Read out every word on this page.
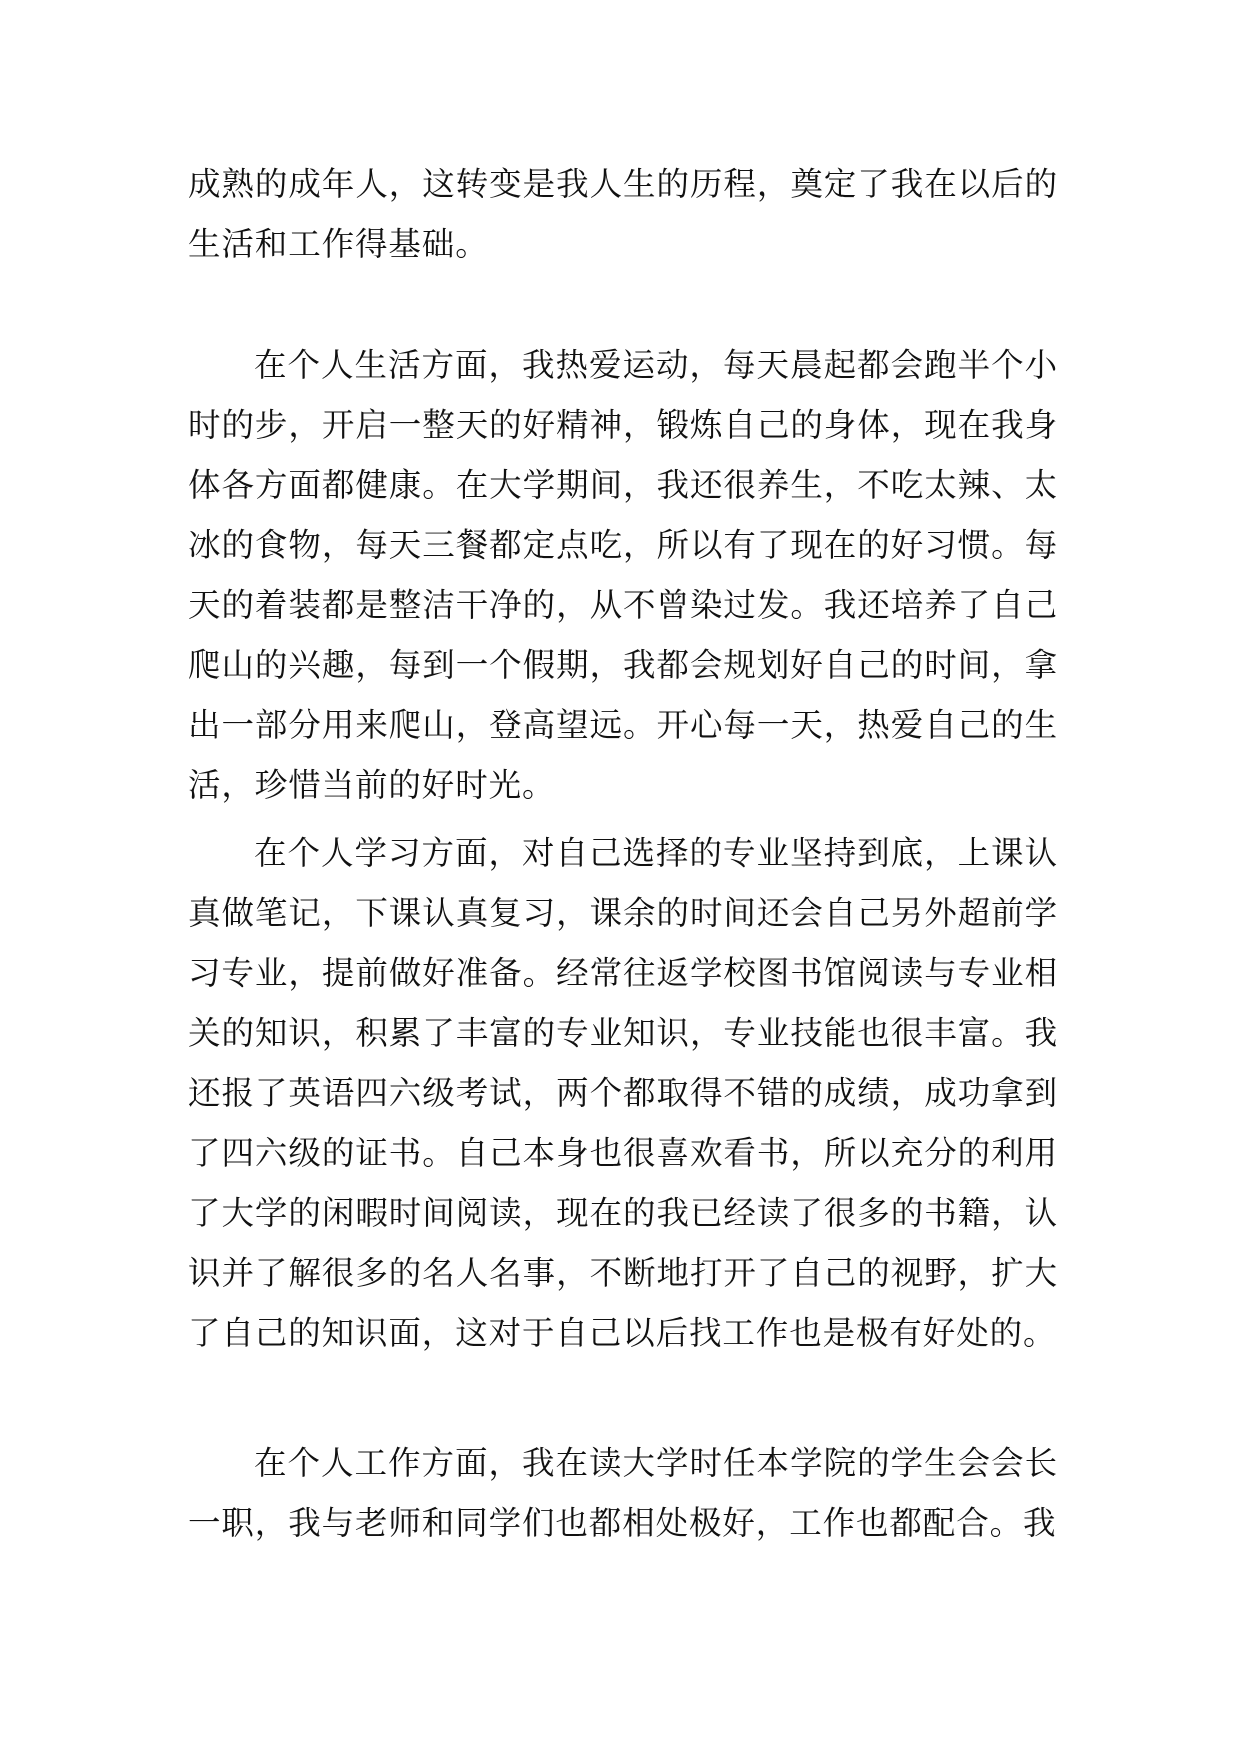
成熟的成年人，这转变是我人生的历程，奠定了我在以后的生活和工作得基础。

在个人生活方面，我热爱运动，每天晨起都会跑半个小时的步，开启一整天的好精神，锻炼自己的身体，现在我身体各方面都健康。在大学期间，我还很养生，不吃太辣、太冰的食物，每天三餐都定点吃，所以有了现在的好习惯。每天的着装都是整洁干净的，从不曾染过发。我还培养了自己爬山的兴趣，每到一个假期，我都会规划好自己的时间，拿出一部分用来爬山，登高望远。开心每一天，热爱自己的生活，珍惜当前的好时光。

在个人学习方面，对自己选择的专业坚持到底，上课认真做笔记，下课认真复习，课余的时间还会自己另外超前学习专业，提前做好准备。经常往返学校图书馆阅读与专业相关的知识，积累了丰富的专业知识，专业技能也很丰富。我还报了英语四六级考试，两个都取得不错的成绩，成功拿到了四六级的证书。自己本身也很喜欢看书，所以充分的利用了大学的闲暇时间阅读，现在的我已经读了很多的书籍，认识并了解很多的名人名事，不断地打开了自己的视野，扩大了自己的知识面，这对于自己以后找工作也是极有好处的。

在个人工作方面，我在读大学时任本学院的学生会会长一职，我与老师和同学们也都相处极好，工作也都配合。我
